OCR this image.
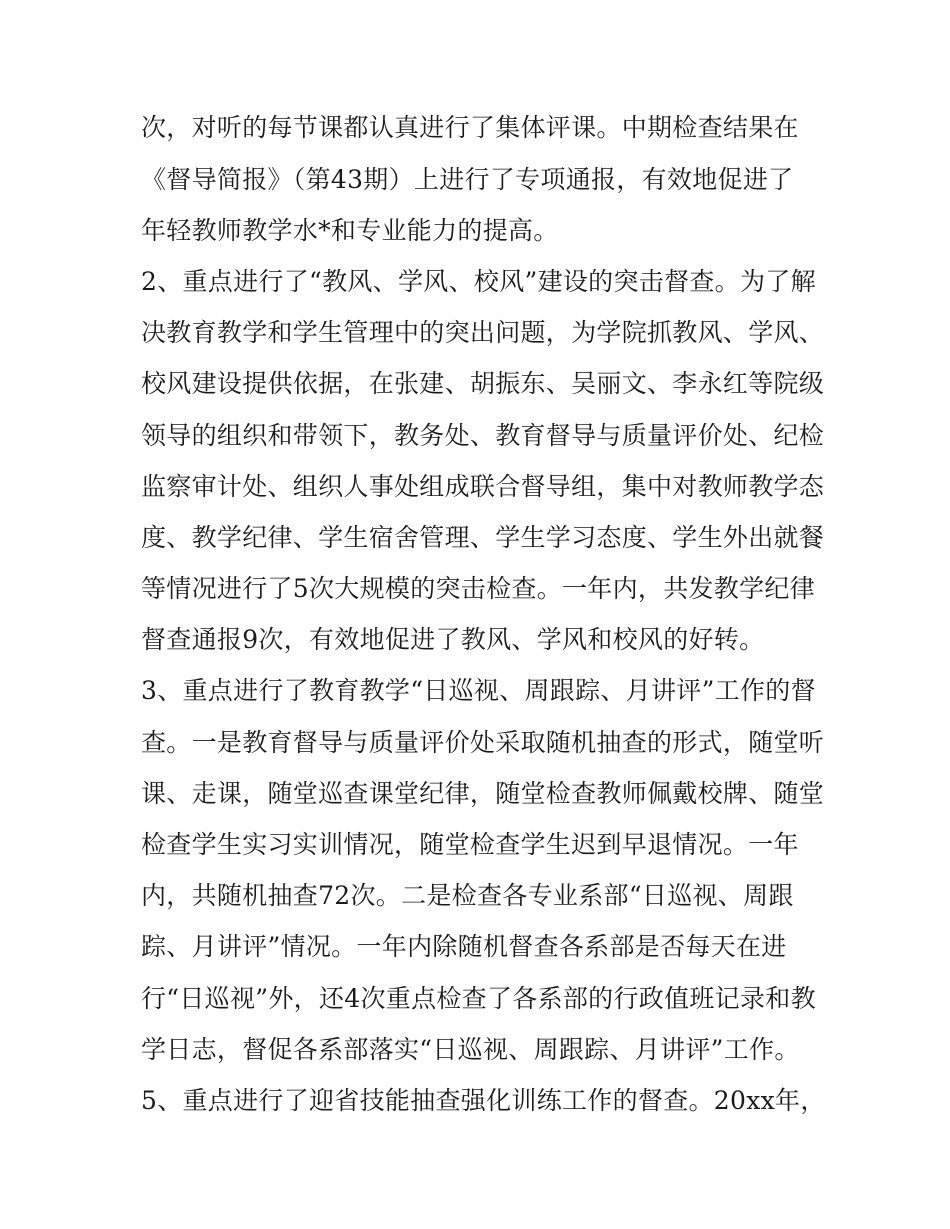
次，对听的每节课都认真进行了集体评课。中期检查结果在
《督导简报》（第43期）上进行了专项通报，有效地促进了
年轻教师教学水*和专业能力的提高。
2、重点进行了“教风、学风、校风”建设的突击督查。为了解
决教育教学和学生管理中的突出问题，为学院抓教风、学风、
校风建设提供依据，在张建、胡振东、吴丽文、李永红等院级
领导的组织和带领下，教务处、教育督导与质量评价处、纪检
监察审计处、组织人事处组成联合督导组，集中对教师教学态
度、教学纪律、学生宿舍管理、学生学习态度、学生外出就餐
等情况进行了5次大规模的突击检查。一年内，共发教学纪律
督查通报9次，有效地促进了教风、学风和校风的好转。
3、重点进行了教育教学“日巡视、周跟踪、月讲评”工作的督
查。一是教育督导与质量评价处采取随机抽查的形式，随堂听
课、走课，随堂巡查课堂纪律，随堂检查教师佩戴校牌、随堂
检查学生实习实训情况，随堂检查学生迟到早退情况。一年
内，共随机抽查72次。二是检查各专业系部“日巡视、周跟
踪、月讲评”情况。一年内除随机督查各系部是否每天在进
行“日巡视”外，还4次重点检查了各系部的行政值班记录和教
学日志，督促各系部落实“日巡视、周跟踪、月讲评”工作。
5、重点进行了迎省技能抽查强化训练工作的督查。20xx年，
